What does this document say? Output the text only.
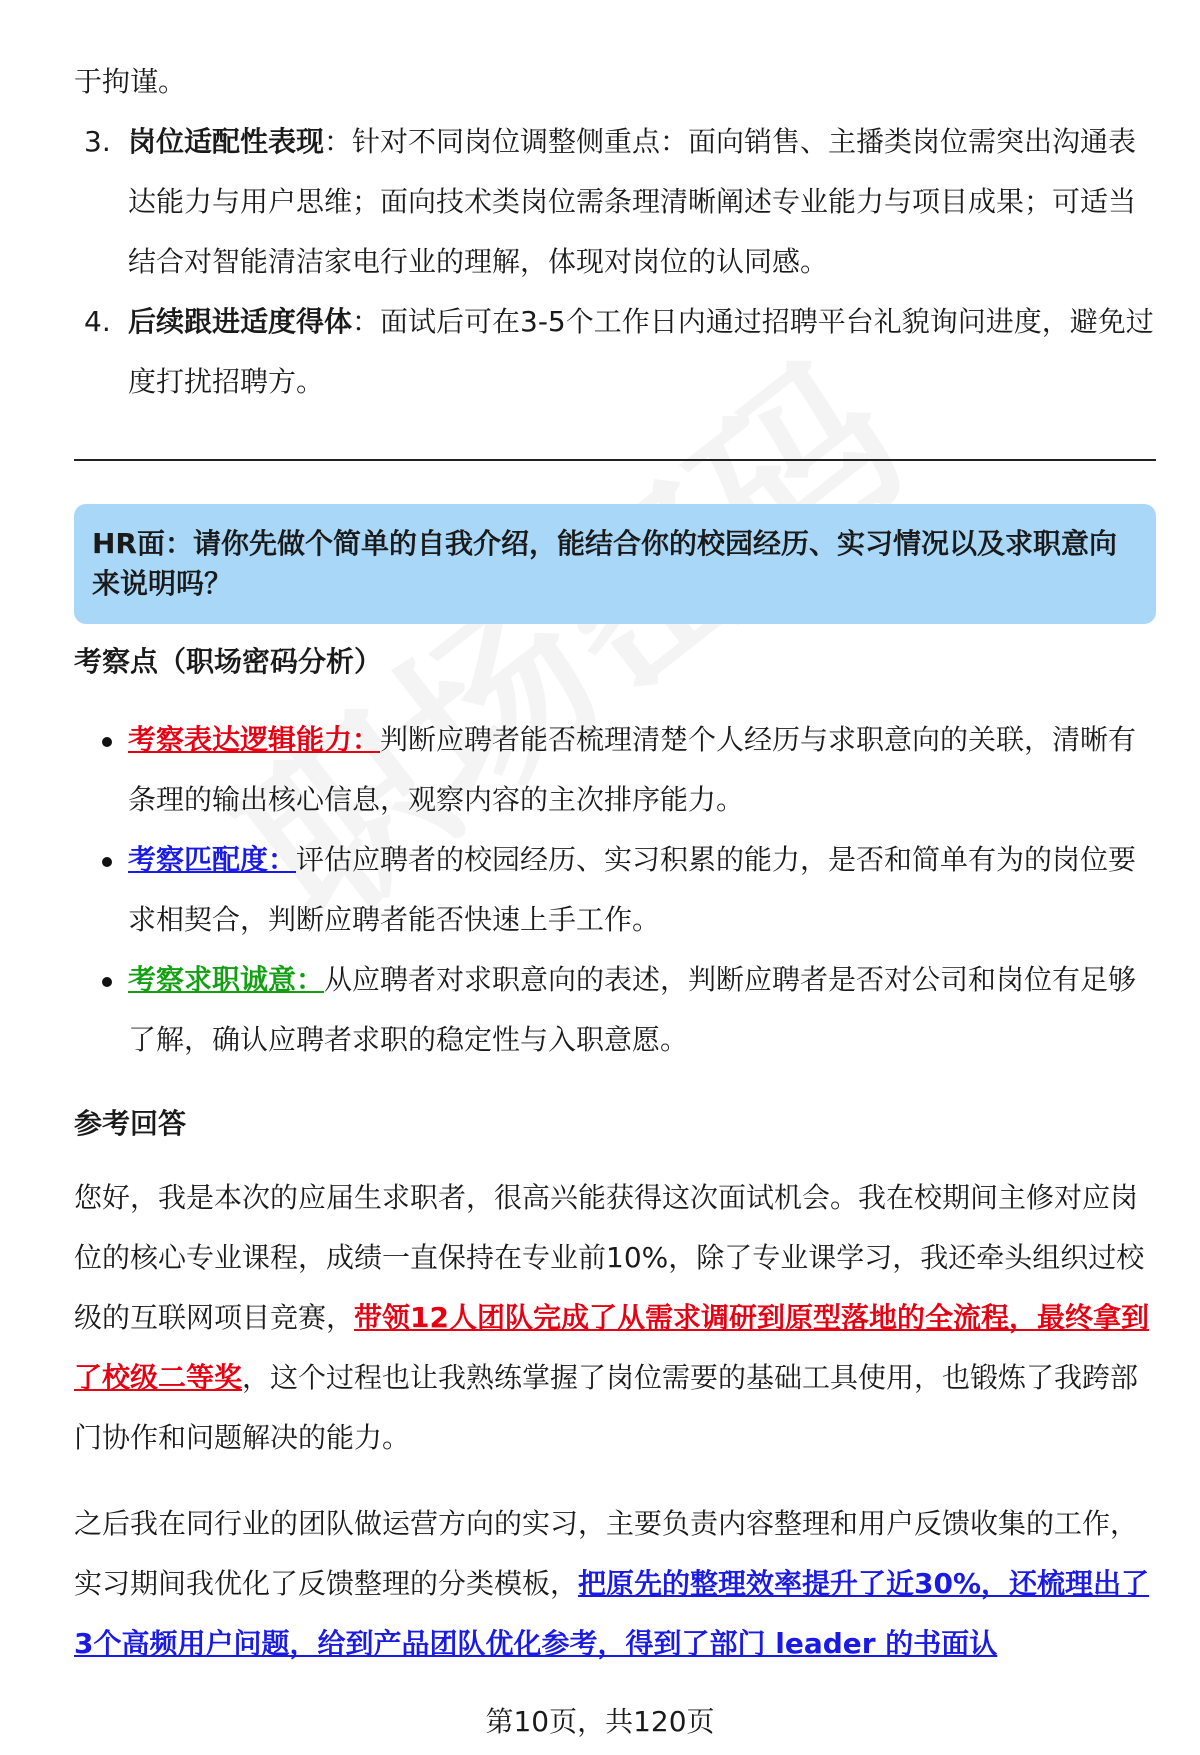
于拘谨。
3. 岗位适配性表现：针对不同岗位调整侧重点：面向销售、主播类岗位需突出沟通表达能力与用户思维；面向技术类岗位需条理清晰阐述专业能力与项目成果；可适当结合对智能清洁家电行业的理解，体现对岗位的认同感。
4. 后续跟进适度得体：面试后可在3-5个工作日内通过招聘平台礼貌询问进度，避免过度打扰招聘方。
HR面：请你先做个简单的自我介绍，能结合你的校园经历、实习情况以及求职意向来说明吗？
考察点（职场密码分析）
考察表达逻辑能力：判断应聘者能否梳理清楚个人经历与求职意向的关联，清晰有条理的输出核心信息，观察内容的主次排序能力。
考察匹配度：评估应聘者的校园经历、实习积累的能力，是否和简单有为的岗位要求相契合，判断应聘者能否快速上手工作。
考察求职诚意：从应聘者对求职意向的表述，判断应聘者是否对公司和岗位有足够了解，确认应聘者求职的稳定性与入职意愿。
参考回答
您好，我是本次的应届生求职者，很高兴能获得这次面试机会。我在校期间主修对应岗位的核心专业课程，成绩一直保持在专业前10%，除了专业课学习，我还牵头组织过校级的互联网项目竞赛，带领12人团队完成了从需求调研到原型落地的全流程，最终拿到了校级二等奖，这个过程也让我熟练掌握了岗位需要的基础工具使用，也锻炼了我跨部门协作和问题解决的能力。
之后我在同行业的团队做运营方向的实习，主要负责内容整理和用户反馈收集的工作，实习期间我优化了反馈整理的分类模板，把原先的整理效率提升了近30%，还梳理出了3个高频用户问题，给到产品团队优化参考，得到了部门 leader 的书面认
第10页，共120页
